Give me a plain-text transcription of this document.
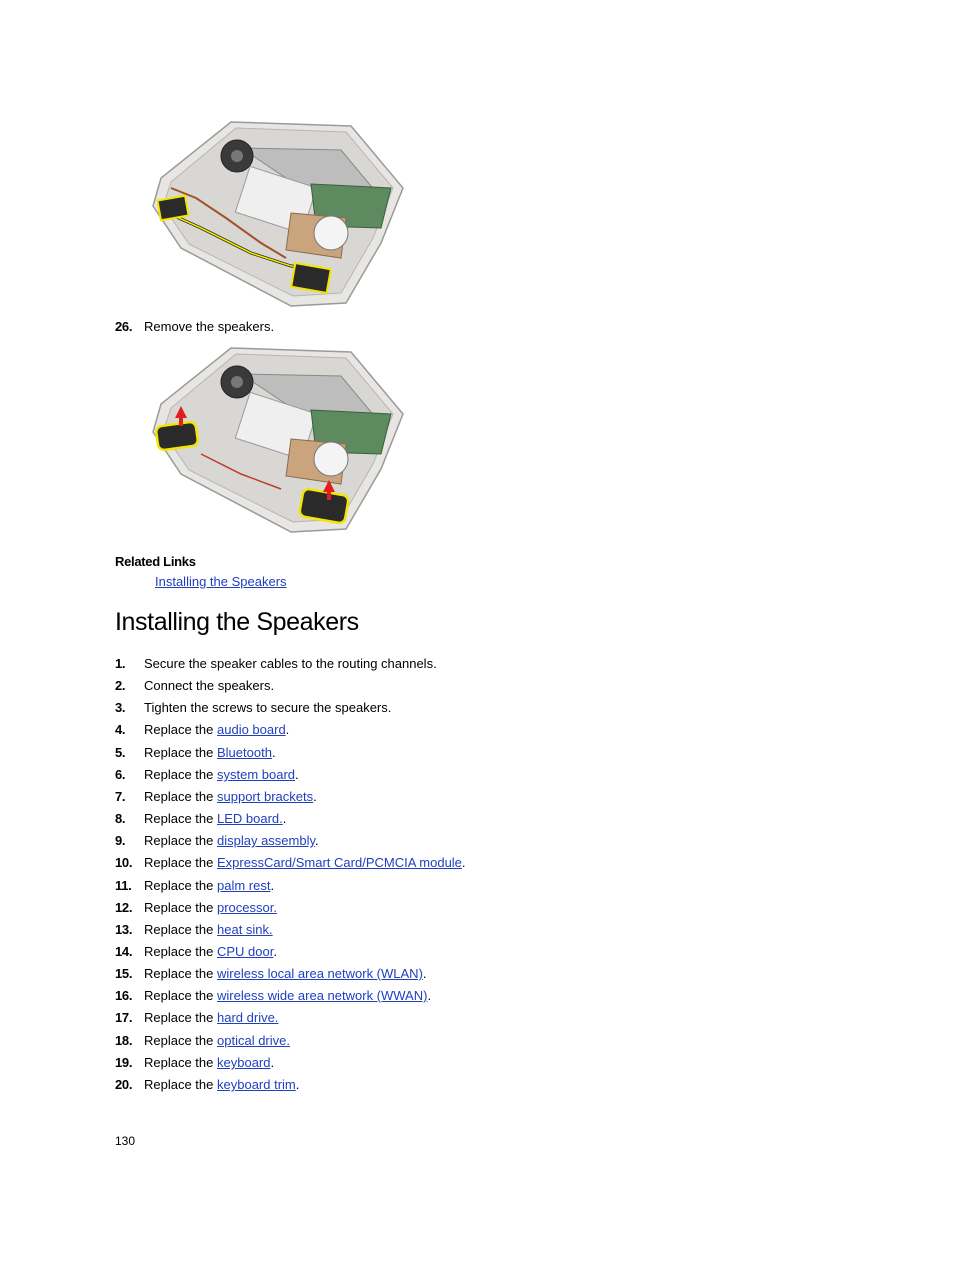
26. Remove the speakers.
Related Links
Installing the Speakers
Installing the Speakers
1. Secure the speaker cables to the routing channels.
2. Connect the speakers.
3. Tighten the screws to secure the speakers.
4. Replace the audio board.
5. Replace the Bluetooth.
6. Replace the system board.
7. Replace the support brackets.
8. Replace the LED board..
9. Replace the display assembly.
10. Replace the ExpressCard/Smart Card/PCMCIA module.
11. Replace the palm rest.
12. Replace the processor.
13. Replace the heat sink.
14. Replace the CPU door.
15. Replace the wireless local area network (WLAN).
16. Replace the wireless wide area network (WWAN).
17. Replace the hard drive.
18. Replace the optical drive.
19. Replace the keyboard.
20. Replace the keyboard trim.
130
